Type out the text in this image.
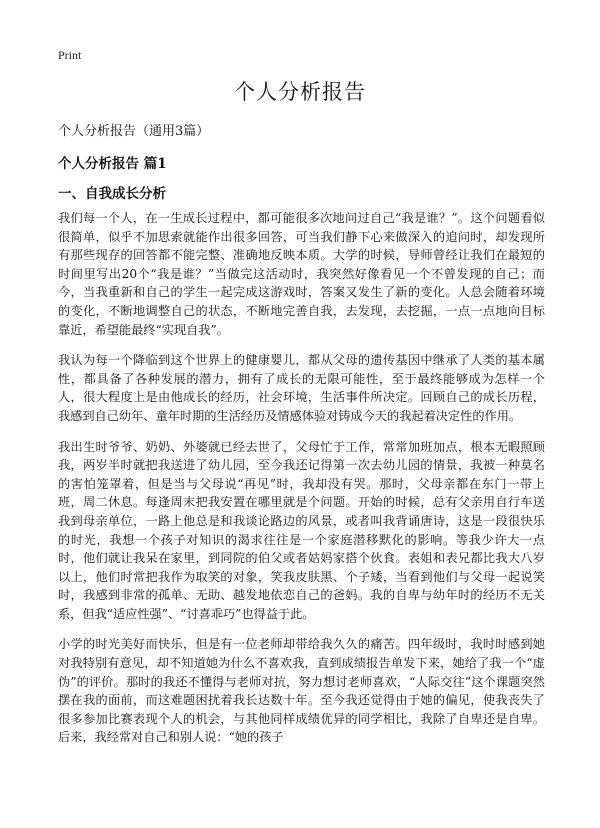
Print
个人分析报告
个人分析报告（通用3篇）
个人分析报告 篇1
一、自我成长分析

我们每一个人，在一生成长过程中，都可能很多次地问过自己“我是谁？”。这个问题看似很简单，似乎不加思索就能作出很多回答，可当我们静下心来做深入的追问时，却发现所有那些现存的回答都不能完整、准确地反映本质。大学的时候，导师曾经让我们在最短的时间里写出20个“我是谁？”当做完这活动时，我突然好像看见一个不曾发现的自己；而今，当我重新和自己的学生一起完成这游戏时，答案又发生了新的变化。人总会随着环境的变化，不断地调整自己的状态，不断地完善自我，去发现，去挖掘，一点一点地向目标靠近，希望能最终“实现自我”。

我认为每一个降临到这个世界上的健康婴儿，都从父母的遗传基因中继承了人类的基本属性，都具备了各种发展的潜力，拥有了成长的无限可能性，至于最终能够成为怎样一个人，很大程度上是由他成长的经历，社会环境，生活事件所决定。回顾自己的成长历程，我感到自己幼年、童年时期的生活经历及情感体验对铸成今天的我起着决定性的作用。

我出生时爷爷、奶奶、外婆就已经去世了，父母忙于工作，常常加班加点，根本无暇照顾我，两岁半时就把我送进了幼儿园，至今我还记得第一次去幼儿园的情景，我被一种莫名的害怕笼罩着，但是当与父母说“再见”时，我却没有哭。那时，父母亲都在东门一带上班，周二休息。每逢周末把我安置在哪里就是个问题。开始的时候，总有父亲用自行车送我到母亲单位，一路上他总是和我谈论路边的风景，或者叫我背诵唐诗，这是一段很快乐的时光，我想一个孩子对知识的渴求往往是一个家庭潜移默化的影响。等我少许大一点时，他们就让我呆在家里，到同院的伯父或者姑妈家搭个伙食。表姐和表兄都比我大八岁以上，他们时常把我作为取笑的对象，笑我皮肤黑、个子矮，当看到他们与父母一起说笑时，我感到非常的孤单、无助、越发地依恋自己的爸妈。我的自卑与幼年时的经历不无关系，但我“适应性强”、“讨喜乖巧”也得益于此。

小学的时光美好而快乐，但是有一位老师却带给我久久的痛苦。四年级时，我时时感到她对我特别有意见，却不知道她为什么不喜欢我，直到成绩报告单发下来，她给了我一个“虚伪”的评价。那时的我还不懂得与老师对抗，努力想讨老师喜欢，“人际交往”这个课题突然摆在我的面前，而这难题困扰着我长达数十年。至今我还觉得由于她的偏见，使我丧失了很多参加比赛表现个人的机会，与其他同样成绩优异的同学相比，我除了自卑还是自卑。后来，我经常对自己和别人说：“她的孩子
